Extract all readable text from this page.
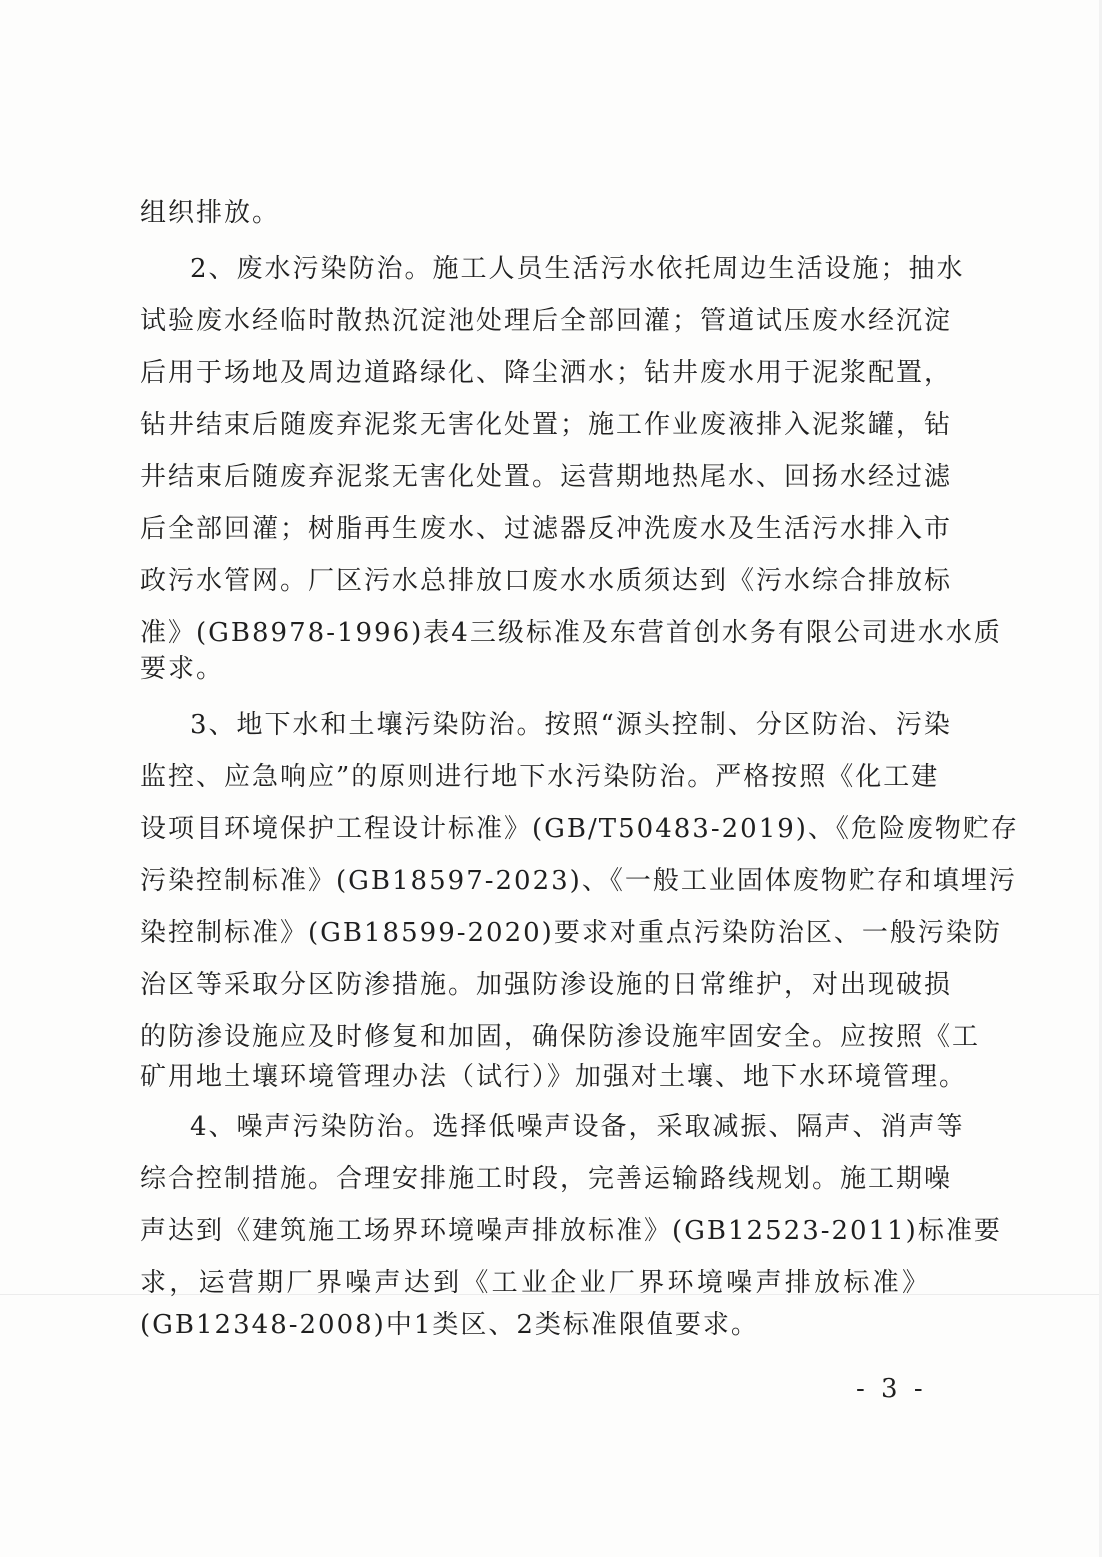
组织排放。
2、废水污染防治。施工人员生活污水依托周边生活设施；抽水
试验废水经临时散热沉淀池处理后全部回灌；管道试压废水经沉淀
后用于场地及周边道路绿化、降尘洒水；钻井废水用于泥浆配置，
钻井结束后随废弃泥浆无害化处置；施工作业废液排入泥浆罐，钻
井结束后随废弃泥浆无害化处置。运营期地热尾水、回扬水经过滤
后全部回灌；树脂再生废水、过滤器反冲洗废水及生活污水排入市
政污水管网。厂区污水总排放口废水水质须达到《污水综合排放标
准》(GB8978-1996)表4三级标准及东营首创水务有限公司进水水质
要求。
3、地下水和土壤污染防治。按照“源头控制、分区防治、污染
监控、应急响应”的原则进行地下水污染防治。严格按照《化工建
设项目环境保护工程设计标准》(GB/T50483-2019)、《危险废物贮存
污染控制标准》(GB18597-2023)、《一般工业固体废物贮存和填埋污
染控制标准》(GB18599-2020)要求对重点污染防治区、一般污染防
治区等采取分区防渗措施。加强防渗设施的日常维护，对出现破损
的防渗设施应及时修复和加固，确保防渗设施牢固安全。应按照《工
矿用地土壤环境管理办法（试行）》加强对土壤、地下水环境管理。
4、噪声污染防治。选择低噪声设备，采取减振、隔声、消声等
综合控制措施。合理安排施工时段，完善运输路线规划。施工期噪
声达到《建筑施工场界环境噪声排放标准》(GB12523-2011)标准要
求，运营期厂界噪声达到《工业企业厂界环境噪声排放标准》
(GB12348-2008)中1类区、2类标准限值要求。
- 3 -
